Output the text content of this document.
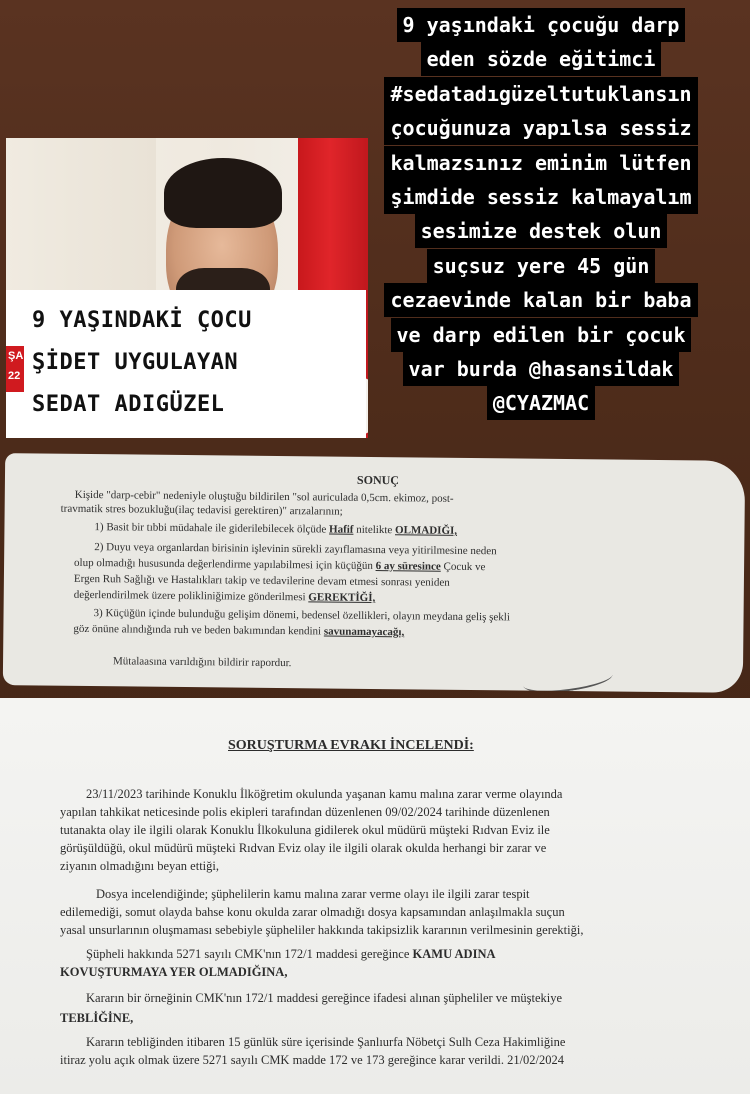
9 YAŞINDAKİ ÇOCU
ŞİDET UYGULAYAN
SEDAT ADIGÜZEL
ŞA
22
9 yaşındaki çocuğu darp
eden sözde eğitimci
#sedatadıgüzeltutuklansın
çocuğunuza yapılsa sessiz
kalmazsınız eminim lütfen
şimdide sessiz kalmayalım
sesimize destek olun
suçsuz yere 45 gün
cezaevinde kalan bir baba
ve darp edilen bir çocuk
var burda @hasansildak
@CYAZMAC
SONUÇ
Kişide "darp-cebir" nedeniyle oluştuğu bildirilen "sol auriculada 0,5cm. ekimoz, post-
travmatik stres bozukluğu(ilaç tedavisi gerektiren)" arızalarının;
1) Basit bir tıbbi müdahale ile giderilebilecek ölçüde Hafif nitelikte OLMADIĞI,
2) Duyu veya organlardan birisinin işlevinin sürekli zayıflamasına veya yitirilmesine neden
olup olmadığı hususunda değerlendirme yapılabilmesi için küçüğün 6 ay süresince Çocuk ve
Ergen Ruh Sağlığı ve Hastalıkları takip ve tedavilerine devam etmesi sonrası yeniden
değerlendirilmek üzere polikliniğimize gönderilmesi GEREKTİĞİ,
3) Küçüğün içinde bulunduğu gelişim dönemi, bedensel özellikleri, olayın meydana geliş şekli
göz önüne alındığında ruh ve beden bakımından kendini savunamayacağı,
Mütalaasına varıldığını bildirir rapordur.
SORUŞTURMA EVRAKI İNCELENDİ:
23/11/2023 tarihinde Konuklu İlköğretim okulunda yaşanan kamu malına zarar verme olayında
yapılan tahkikat neticesinde polis ekipleri tarafından düzenlenen 09/02/2024 tarihinde düzenlenen
tutanakta olay ile ilgili olarak Konuklu İlkokuluna gidilerek okul müdürü müşteki Rıdvan Eviz ile
görüşüldüğü, okul müdürü müşteki Rıdvan Eviz olay ile ilgili olarak okulda herhangi bir zarar ve
ziyanın olmadığını beyan ettiği,
Dosya incelendiğinde; şüphelilerin kamu malına zarar verme olayı ile ilgili zarar tespit
edilemediği, somut olayda bahse konu okulda zarar olmadığı dosya kapsamından anlaşılmakla suçun
yasal unsurlarının oluşmaması sebebiyle şüpheliler hakkında takipsizlik kararının verilmesinin gerektiği,
Şüpheli hakkında 5271 sayılı CMK'nın 172/1 maddesi gereğince KAMU ADINA
KOVUŞTURMAYA YER OLMADIĞINA,
Kararın bir örneğinin CMK'nın 172/1 maddesi gereğince ifadesi alınan şüpheliler ve müştekiye
TEBLİĞİNE,
Kararın tebliğinden itibaren 15 günlük süre içerisinde Şanlıurfa Nöbetçi Sulh Ceza Hakimliğine
itiraz yolu açık olmak üzere 5271 sayılı CMK madde 172 ve 173 gereğince karar verildi. 21/02/2024
